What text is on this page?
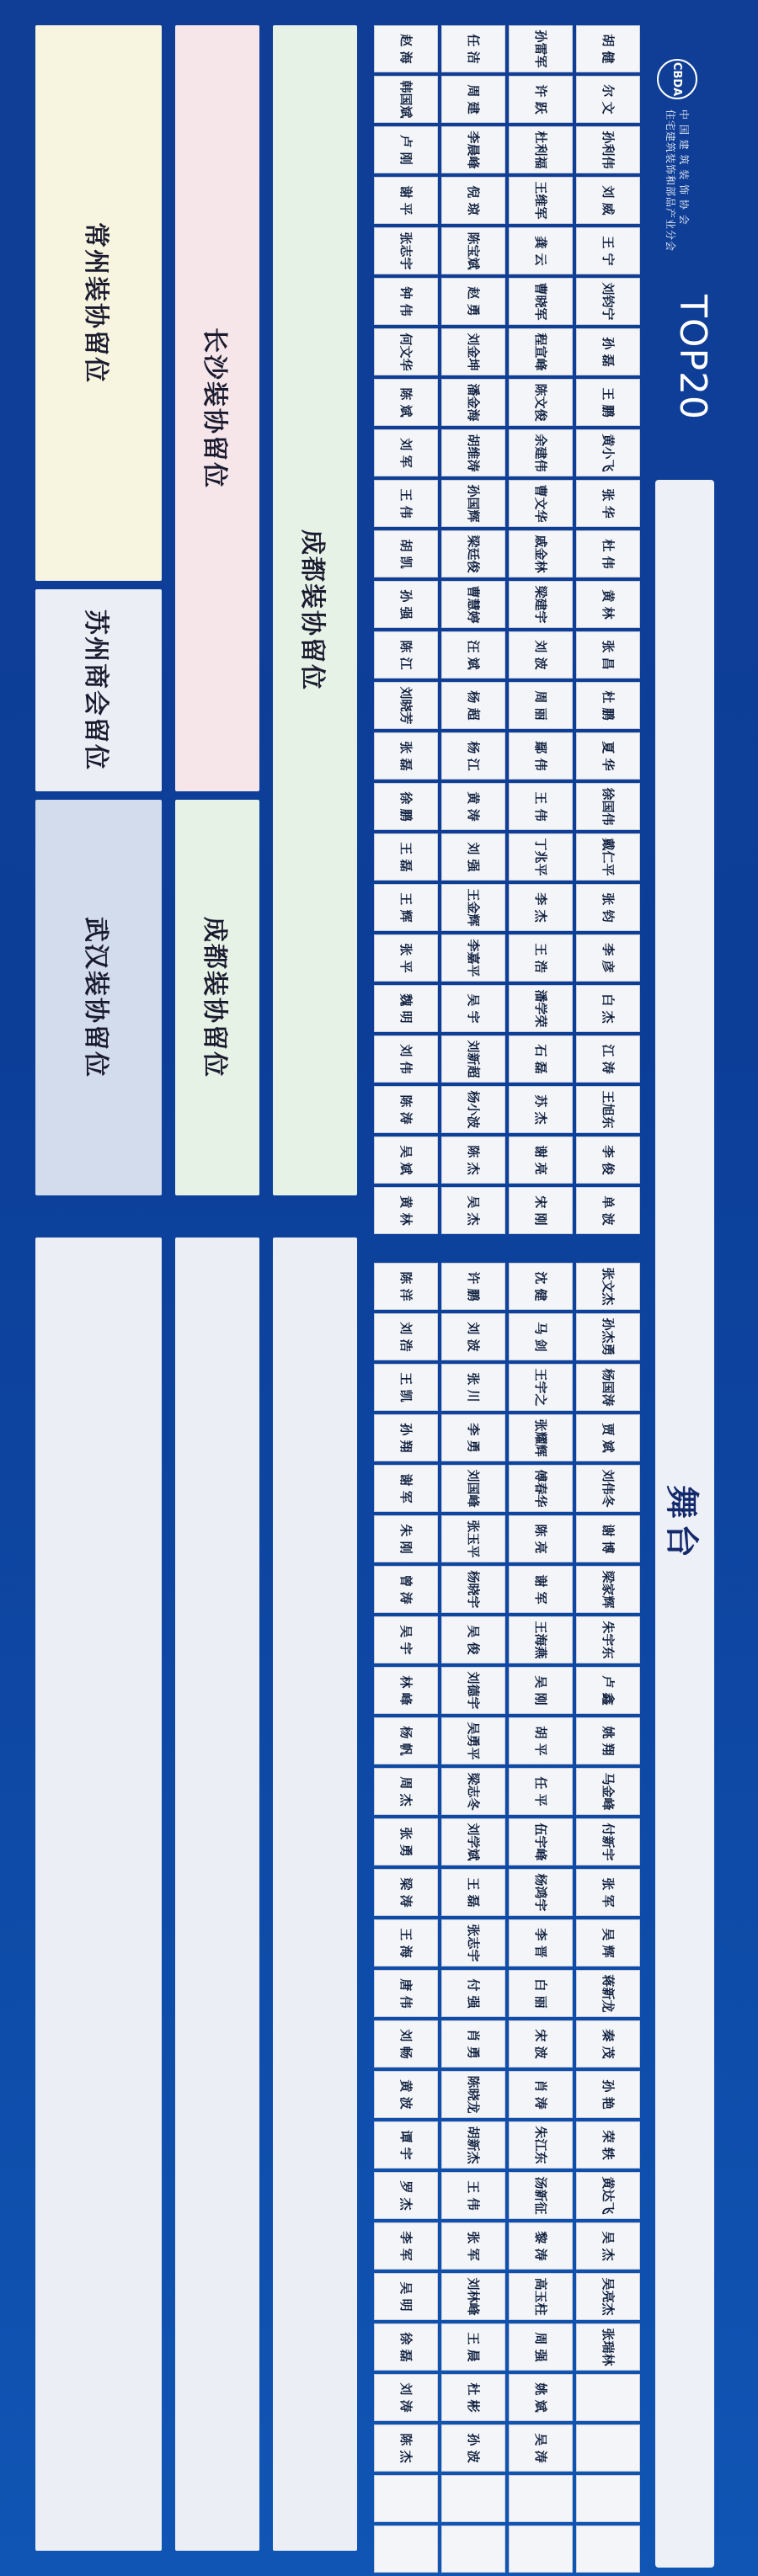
CBDA
中 国 建 筑 装 饰 协 会
住宅建筑装饰和部品产业分会
TOP20
舞台
胡 健
尔 文
孙利伟
刘 威
王 宁
刘钧宁
孙 磊
王 鹏
黄小飞
张 华
杜 伟
黄 林
张 昌
杜 鹏
夏 华
徐国伟
戴仁平
张 钧
李 彦
白 杰
江 涛
王旭东
李 俊
单 波
张文杰
孙杰勇
杨国涛
贾 斌
刘伟冬
谢 博
梁家辉
朱宇东
卢 鑫
姚 翔
马金峰
付新宇
张 军
吴 辉
蒋新龙
秦 茂
孙 艳
荣 轶
黄达飞
吴 杰
吴亮杰
张瑞林
孙雷军
许 跃
杜利福
王维军
龚 云
曹晓军
程宣峰
陈文俊
余建伟
曹文华
戚金林
梁建宇
刘 波
周 丽
鄢 伟
王 伟
丁兆平
李 杰
王 浩
潘学荣
石 磊
苏 杰
谢 亮
宋 刚
沈 健
马 剑
王宇之
张耀辉
傅春华
陈 亮
谢 军
王海燕
吴 刚
胡 平
任 平
伍宇峰
杨鸿宇
李 晋
白 丽
宋 波
肖 涛
朱江东
汤新征
黎 涛
高玉柱
周 强
姚 斌
吴 涛
任 洁
周 建
李晨峰
倪 琼
陈宝斌
赵 勇
刘金坤
潘金海
胡维涛
孙国辉
梁廷俊
曹慧婷
汪 斌
杨 超
杨 江
黄 涛
刘 强
王金辉
李嘉平
吴 宇
刘新超
杨小波
陈 杰
吴 杰
许 鹏
刘 波
张 川
李 勇
刘国峰
张玉平
杨晓宇
吴 俊
刘德宇
吴勇平
梁志冬
刘学斌
王 磊
张志宇
付 强
肖 勇
陈晓龙
胡新杰
王 伟
张 军
刘林峰
王 晨
杜 彬
孙 波
赵 海
韩国斌
卢 刚
谢 平
张志宇
钟 伟
何文华
陈 斌
刘 军
王 伟
胡 凯
孙 强
陈 江
刘晓芳
张 磊
徐 鹏
王 磊
王 辉
张 平
魏 明
刘 伟
陈 涛
吴 斌
黄 林
陈 洋
刘 浩
王 凯
孙 翔
谢 军
朱 刚
曾 涛
吴 宇
林 峰
杨 帆
周 杰
张 勇
梁 涛
王 海
唐 伟
刘 畅
黄 波
谭 宇
罗 杰
李 军
吴 明
徐 磊
刘 涛
陈 杰
成都装协留位
长沙装协留位
成都装协留位
常州装协留位
苏州商会留位
武汉装协留位
